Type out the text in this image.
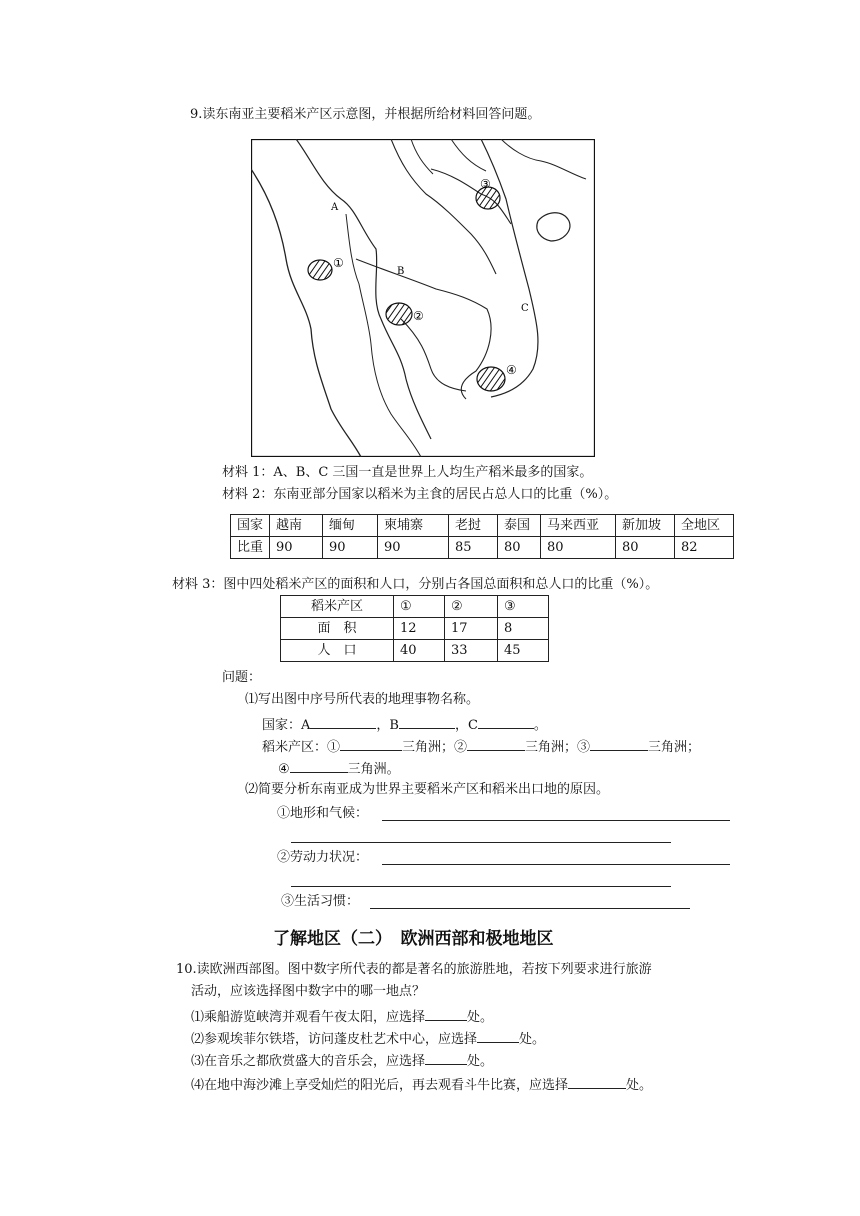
9.读东南亚主要稻米产区示意图，并根据所给材料回答问题。
A
B
C
①
②
③
④
材料 1：A、B、C 三国一直是世界上人均生产稻米最多的国家。
材料 2：东南亚部分国家以稻米为主食的居民占总人口的比重（%）。
国家	越南	缅甸	柬埔寨	老挝	泰国	马来西亚	新加坡	全地区
比重	90	90	90	85	80	80	80	82
材料 3：图中四处稻米产区的面积和人口，分别占各国总面积和总人口的比重（%）。
稻米产区	①	②	③
面　积	12	17	8
人　口	40	33	45
问题：
⑴写出图中序号所代表的地理事物名称。
国家：A	，B	，C	。
稻米产区：①	三角洲；②	三角洲；③	三角洲；
④	三角洲。
⑵简要分析东南亚成为世界主要稻米产区和稻米出口地的原因。
①地形和气候：
②劳动力状况：
③生活习惯：
了解地区（二）　欧洲西部和极地地区
10.读欧洲西部图。图中数字所代表的都是著名的旅游胜地，若按下列要求进行旅游
活动，应该选择图中数字中的哪一地点？
⑴乘船游览峡湾并观看午夜太阳，应选择	处。
⑵参观埃菲尔铁塔，访问蓬皮杜艺术中心，应选择	处。
⑶在音乐之都欣赏盛大的音乐会，应选择	处。
⑷在地中海沙滩上享受灿烂的阳光后，再去观看斗牛比赛，应选择	处。
